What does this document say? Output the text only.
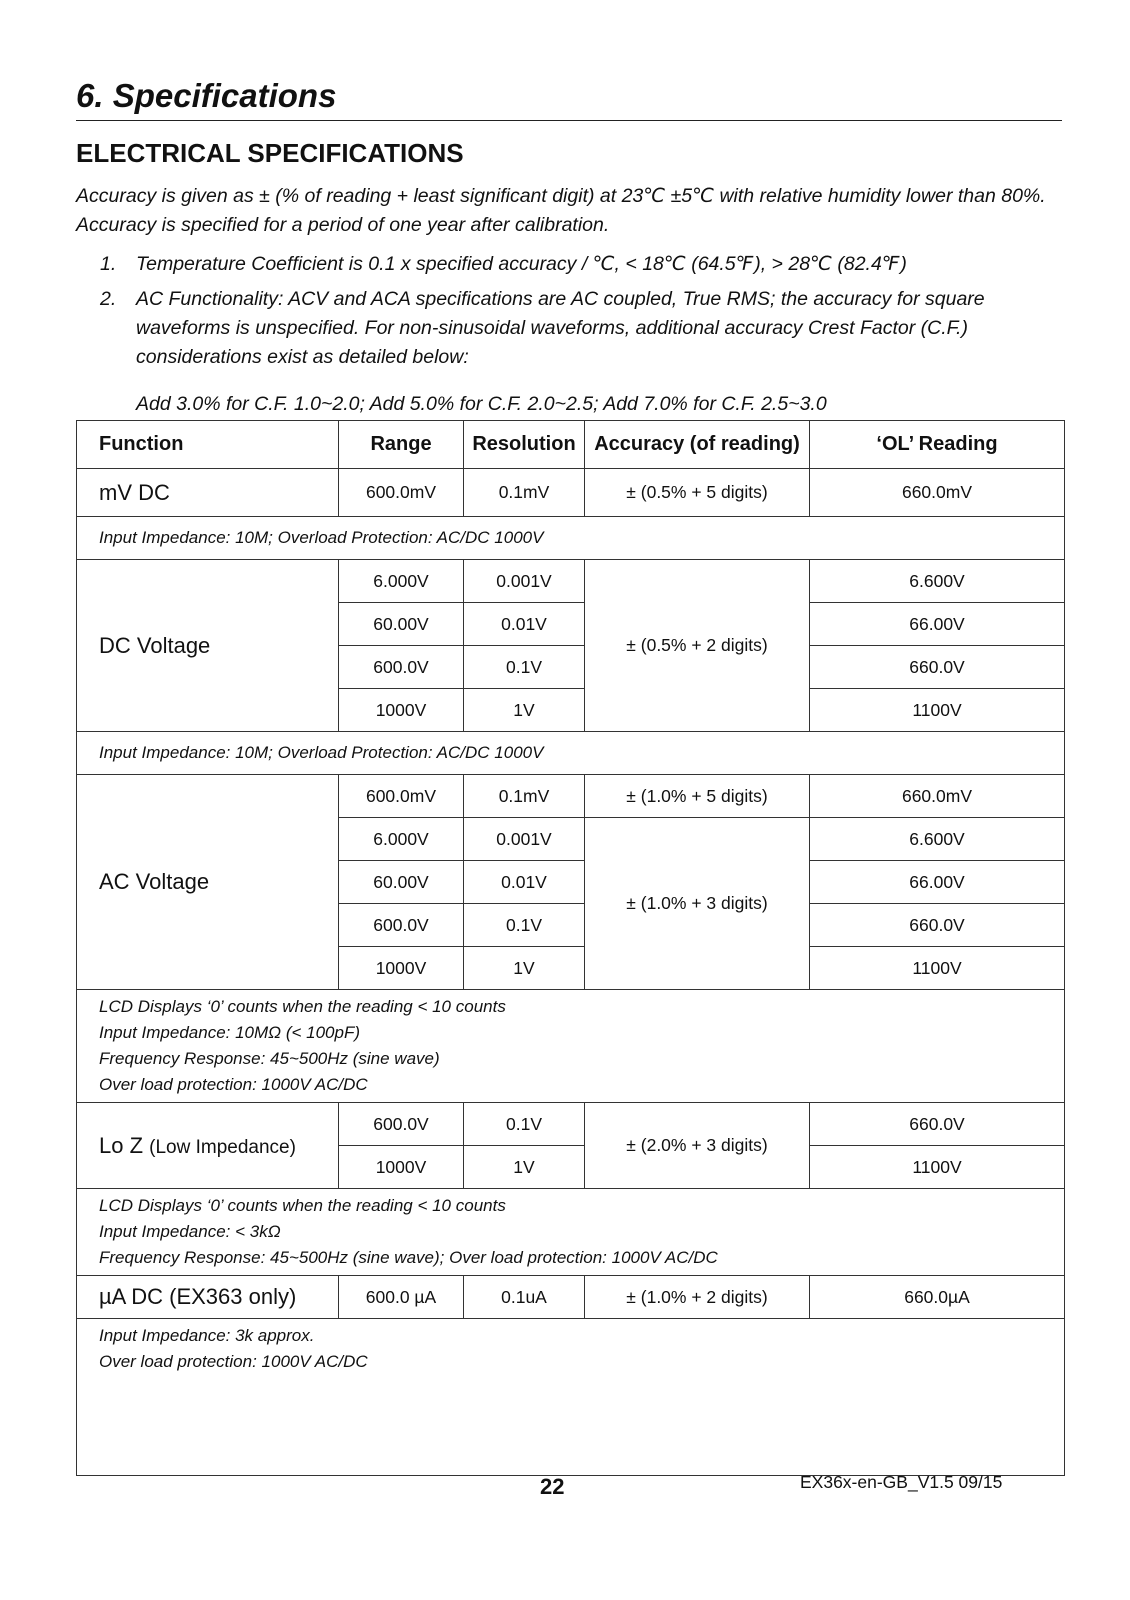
6. Specifications
ELECTRICAL SPECIFICATIONS
Accuracy is given as ± (% of reading + least significant digit) at 23℃ ±5℃ with relative humidity lower than 80%. Accuracy is specified for a period of one year after calibration.
1. Temperature Coefficient is 0.1 x specified accuracy / ℃, < 18℃ (64.5℉), > 28℃ (82.4℉)
2. AC Functionality: ACV and ACA specifications are AC coupled, True RMS; the accuracy for square waveforms is unspecified. For non-sinusoidal waveforms, additional accuracy Crest Factor (C.F.) considerations exist as detailed below:
Add 3.0% for C.F. 1.0~2.0; Add 5.0% for C.F. 2.0~2.5; Add 7.0% for C.F. 2.5~3.0
Function	Range	Resolution	Accuracy (of reading)	‘OL’ Reading
mV DC	600.0mV	0.1mV	± (0.5% + 5 digits)	660.0mV

Input Impedance: 10M; Overload Protection: AC/DC 1000V				

DC Voltage	6.000V	0.001V	± (0.5% + 2 digits)	6.600V
	60.00V	0.01V		66.00V
	600.0V	0.1V		660.0V
	1000V	1V		1100V

Input Impedance: 10M; Overload Protection: AC/DC 1000V				

AC Voltage	600.0mV	0.1mV	± (1.0% + 5 digits)	660.0mV
	6.000V	0.001V	± (1.0% + 3 digits)	6.600V
	60.00V	0.01V		66.00V
	600.0V	0.1V		660.0V
	1000V	1V		1100V

LCD Displays ‘0’ counts when the reading < 10 counts
Input Impedance: 10MΩ (< 100pF)
Frequency Response: 45~500Hz (sine wave)
Over load protection: 1000V AC/DC				

Lo Z (Low Impedance)	600.0V	0.1V	± (2.0% + 3 digits)	660.0V
	1000V	1V		1100V

LCD Displays ‘0’ counts when the reading < 10 counts
Input Impedance: < 3kΩ
Frequency Response: 45~500Hz (sine wave); Over load protection: 1000V AC/DC				

µA DC (EX363 only)	600.0 µA	0.1uA	± (1.0% + 2 digits)	660.0µA

Input Impedance: 3k approx.
Over load protection: 1000V AC/DC				
22	EX36x-en-GB_V1.5 09/15
